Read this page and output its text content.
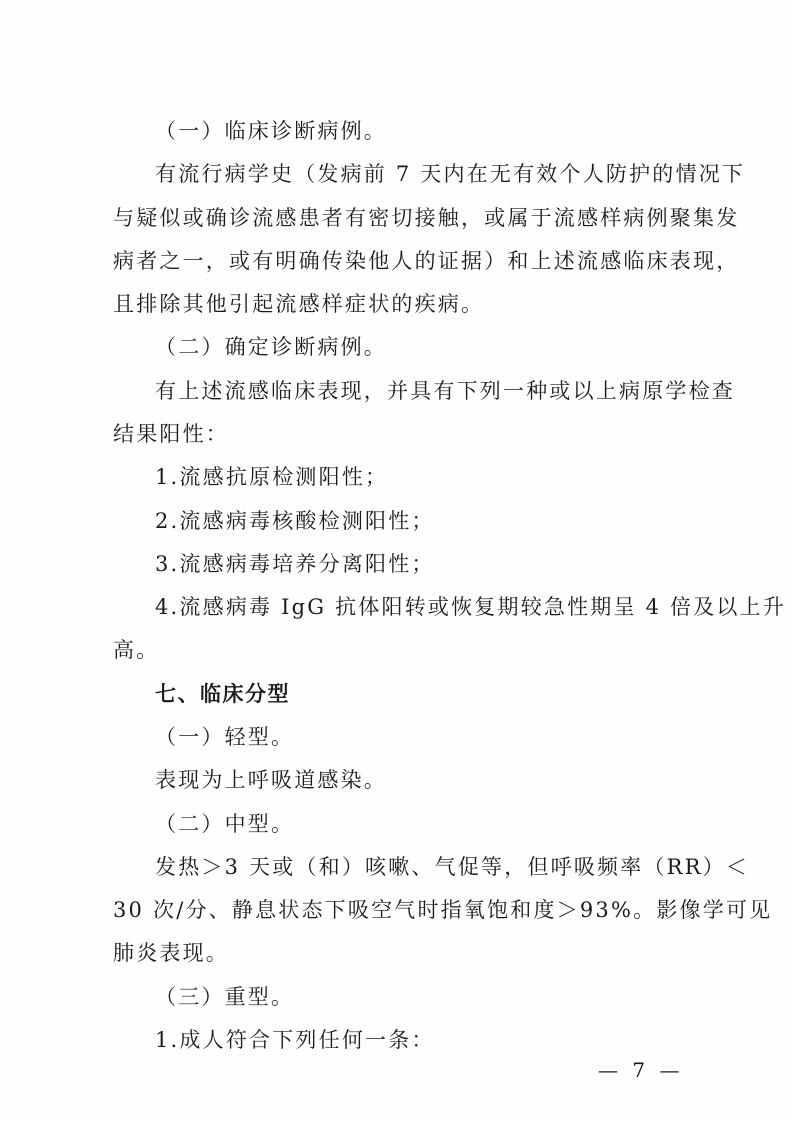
（一）临床诊断病例。
有流行病学史（发病前 7 天内在无有效个人防护的情况下
与疑似或确诊流感患者有密切接触，或属于流感样病例聚集发
病者之一，或有明确传染他人的证据）和上述流感临床表现，
且排除其他引起流感样症状的疾病。
（二）确定诊断病例。
有上述流感临床表现，并具有下列一种或以上病原学检查
结果阳性：
1.流感抗原检测阳性；
2.流感病毒核酸检测阳性；
3.流感病毒培养分离阳性；
4.流感病毒 IgG 抗体阳转或恢复期较急性期呈 4 倍及以上升
高。
七、临床分型
（一）轻型。
表现为上呼吸道感染。
（二）中型。
发热＞3 天或（和）咳嗽、气促等，但呼吸频率（RR）＜
30 次/分、静息状态下吸空气时指氧饱和度＞93%。影像学可见
肺炎表现。
（三）重型。
1.成人符合下列任何一条：
— 7 —
